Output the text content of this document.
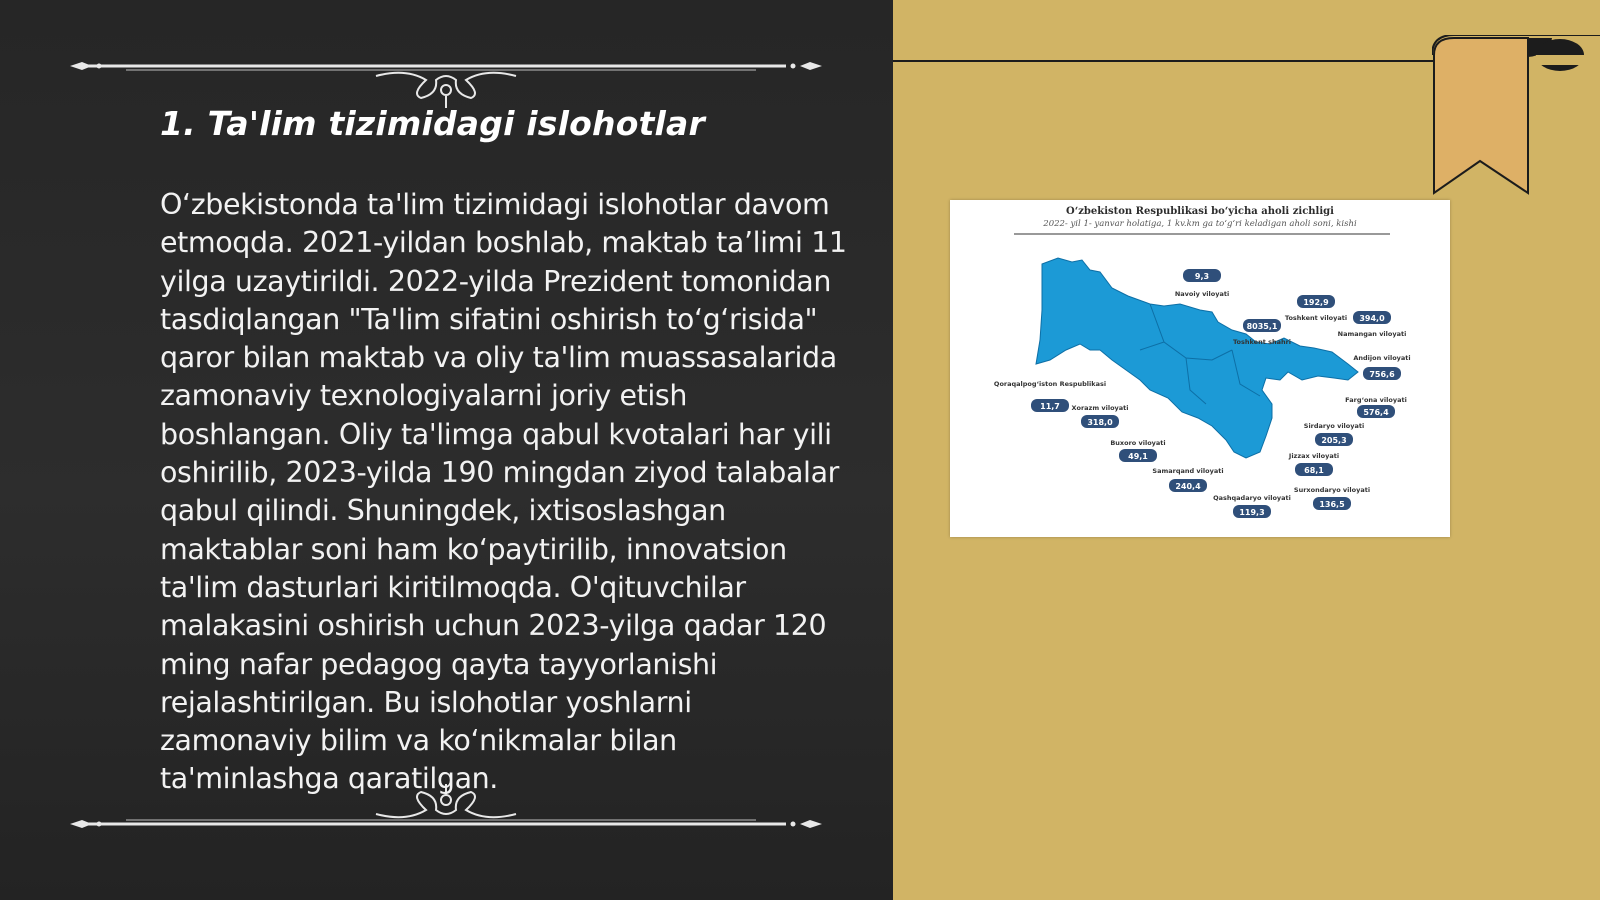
1. Ta'lim tizimidagi islohotlar

O‘zbekistonda ta'lim tizimidagi islohotlar davom etmoqda. 2021-yildan boshlab, maktab ta’limi 11 yilga uzaytirildi. 2022-yilda Prezident tomonidan tasdiqlangan "Ta'lim sifatini oshirish to‘g‘risida" qaror bilan maktab va oliy ta'lim muassasalarida zamonaviy texnologiyalarni joriy etish boshlangan. Oliy ta'limga qabul kvotalari har yili oshirilib, 2023-yilda 190 mingdan ziyod talabalar qabul qilindi. Shuningdek, ixtisoslashgan maktablar soni ham ko‘paytirilib, innovatsion ta'lim dasturlari kiritilmoqda. O'qituvchilar malakasini oshirish uchun 2023-yilga qadar 120 ming nafar pedagog qayta tayyorlanishi rejalashtirilgan. Bu islohotlar yoshlarni zamonaviy bilim va ko‘nikmalar bilan ta'minlashga qaratilgan.

O‘zbekiston Respublikasi bo‘yicha aholi zichligi
2022- yil 1- yanvar holatiga, 1 kv.km ga to‘g‘ri keladigan aholi soni, kishi
9,3
Navoiy viloyati
192,9
Toshkent viloyati
8035,1
Toshkent shahri
394,0
Namangan viloyati
756,6
Andijon viloyati
576,4
Farg‘ona viloyati
11,7
Qoraqalpog‘iston Respublikasi
318,0
Xorazm viloyati
49,1
Buxoro viloyati	205,3
Sirdaryo viloyati
68,1
Jizzax viloyati
240,4
Samarqand viloyati
136,5
Surxondaryo viloyati
119,3
Qashqadaryo viloyati
